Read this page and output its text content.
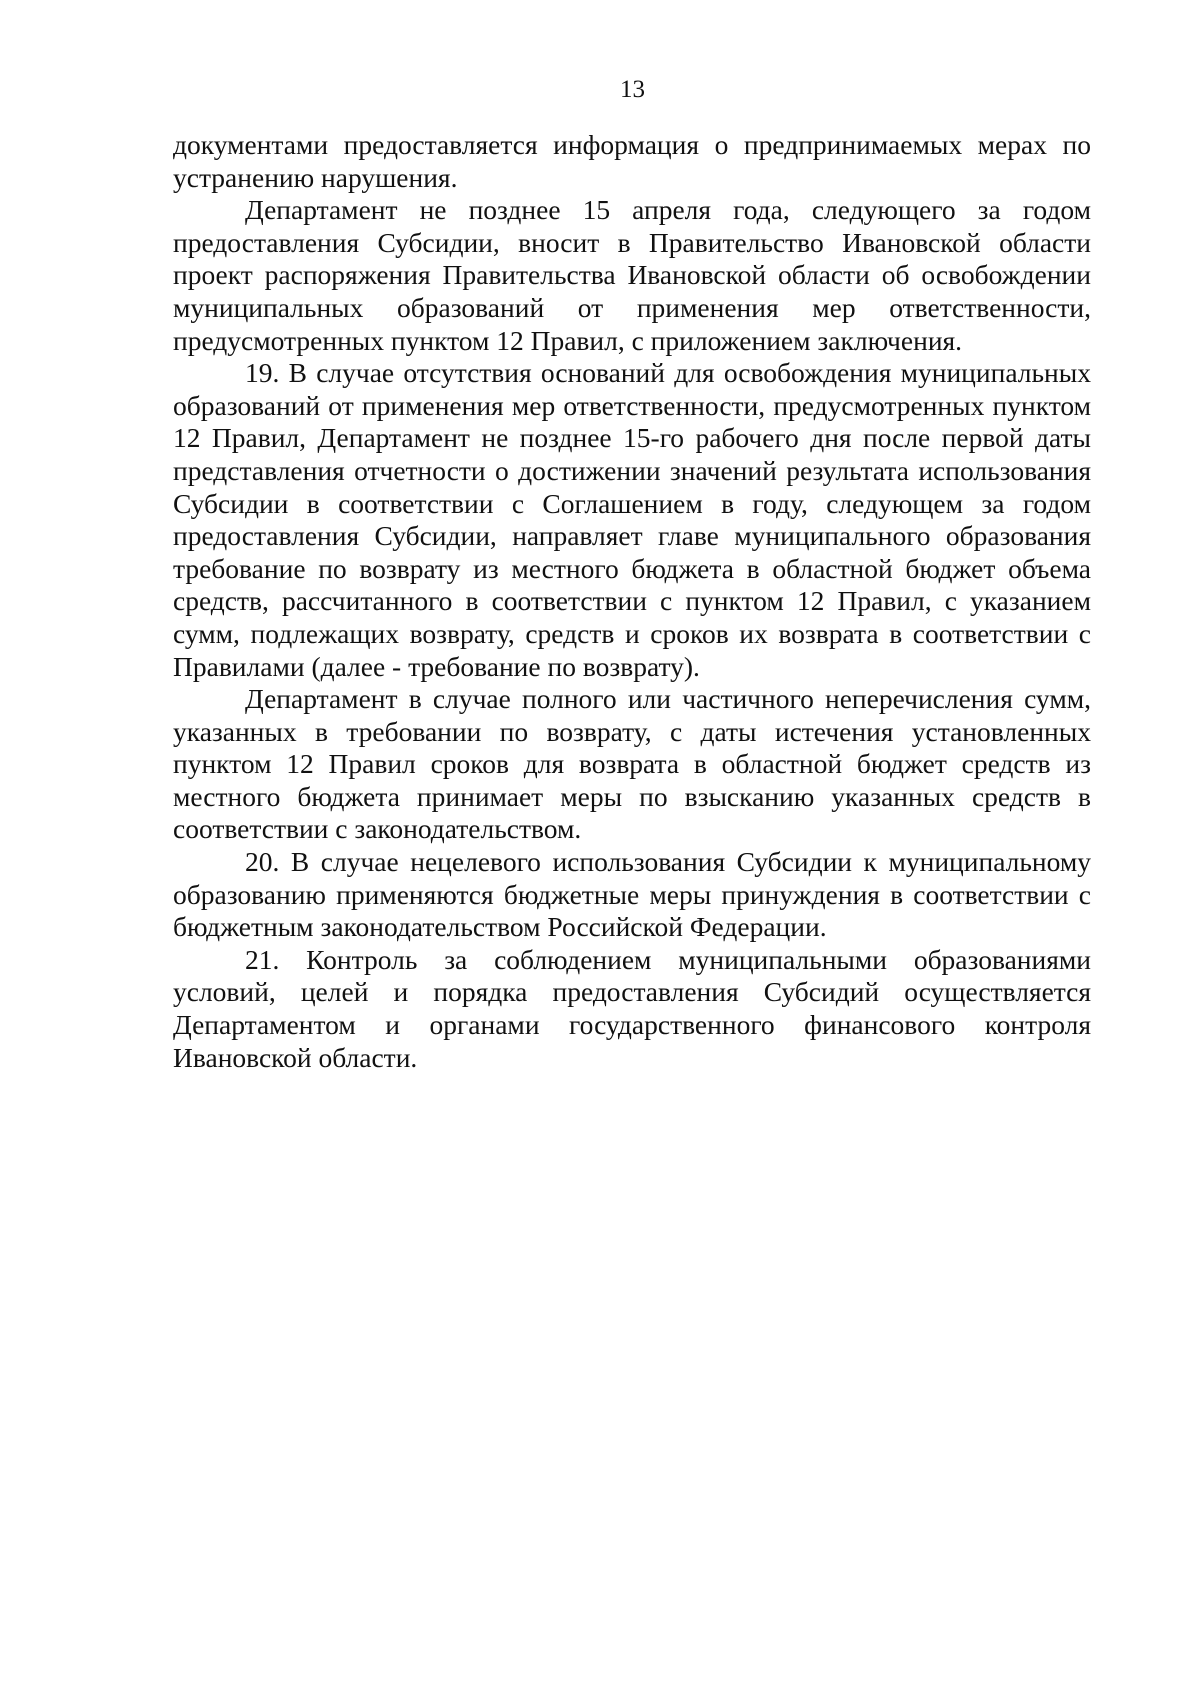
13

документами предоставляется информация о предпринимаемых мерах по устранению нарушения.

Департамент не позднее 15 апреля года, следующего за годом предоставления Субсидии, вносит в Правительство Ивановской области проект распоряжения Правительства Ивановской области об освобождении муниципальных образований от применения мер ответственности, предусмотренных пунктом 12 Правил, с приложением заключения.

19. В случае отсутствия оснований для освобождения муниципальных образований от применения мер ответственности, предусмотренных пунктом 12 Правил, Департамент не позднее 15-го рабочего дня после первой даты представления отчетности о достижении значений результата использования Субсидии в соответствии с Соглашением в году, следующем за годом предоставления Субсидии, направляет главе муниципального образования требование по возврату из местного бюджета в областной бюджет объема средств, рассчитанного в соответствии с пунктом 12 Правил, с указанием сумм, подлежащих возврату, средств и сроков их возврата в соответствии с Правилами (далее - требование по возврату).

Департамент в случае полного или частичного неперечисления сумм, указанных в требовании по возврату, с даты истечения установленных пунктом 12 Правил сроков для возврата в областной бюджет средств из местного бюджета принимает меры по взысканию указанных средств в соответствии с законодательством.

20. В случае нецелевого использования Субсидии к муниципальному образованию применяются бюджетные меры принуждения в соответствии с бюджетным законодательством Российской Федерации.

21. Контроль за соблюдением муниципальными образованиями условий, целей и порядка предоставления Субсидий осуществляется Департаментом и органами государственного финансового контроля Ивановской области.
